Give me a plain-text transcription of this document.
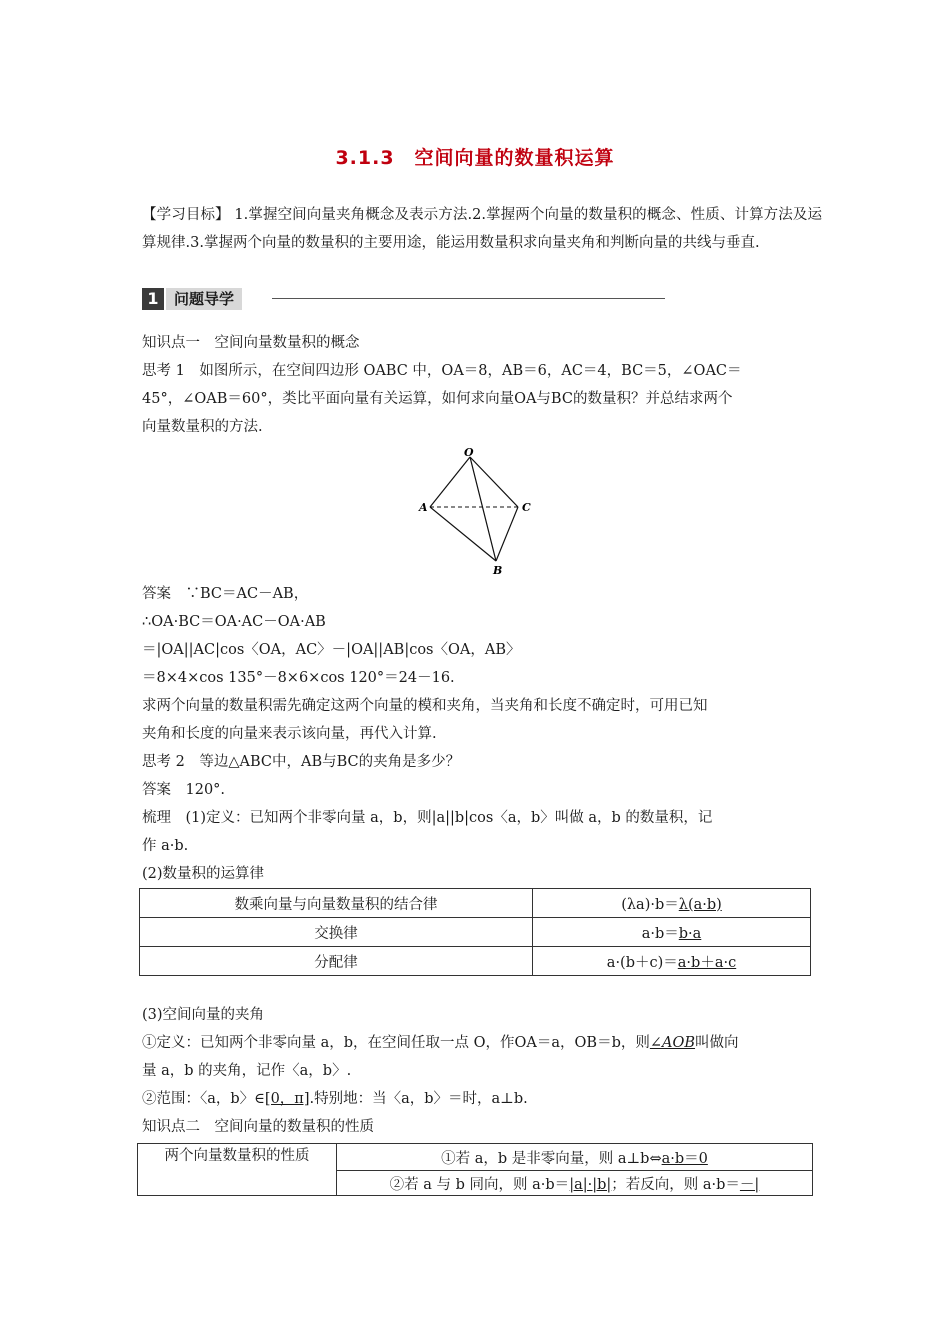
3.1.3　空间向量的数量积运算
【学习目标】 1.掌握空间向量夹角概念及表示方法.2.掌握两个向量的数量积的概念、性质、计算方法及运算规律.3.掌握两个向量的数量积的主要用途，能运用数量积求向量夹角和判断向量的共线与垂直.
1	问题导学
知识点一　空间向量数量积的概念
思考 1　如图所示，在空间四边形 OABC 中，OA＝8，AB＝6，AC＝4，BC＝5，∠OAC＝
45°，∠OAB＝60°，类比平面向量有关运算，如何求向量OA与BC的数量积？并总结求两个
向量数量积的方法.
O
A	C
B
答案　∵BC＝AC－AB，
∴OA·BC＝OA·AC－OA·AB
＝|OA||AC|cos〈OA，AC〉－|OA||AB|cos〈OA，AB〉
＝8×4×cos 135°－8×6×cos 120°＝24－16.
求两个向量的数量积需先确定这两个向量的模和夹角，当夹角和长度不确定时，可用已知
夹角和长度的向量来表示该向量，再代入计算.
思考 2　等边△ABC中，AB与BC的夹角是多少？
答案　120°.
梳理　(1)定义：已知两个非零向量 a，b，则|a||b|cos〈a，b〉叫做 a，b 的数量积，记
作 a·b.
(2)数量积的运算律
数乘向量与向量数量积的结合律	(λa)·b＝λ(a·b)
交换律	a·b＝b·a
分配律	a·(b＋c)＝a·b＋a·c
(3)空间向量的夹角
①定义：已知两个非零向量 a，b，在空间任取一点 O，作OA＝a，OB＝b，则∠AOB叫做向
量 a，b 的夹角，记作〈a，b〉.
②范围：〈a，b〉∈[0，π].特别地：当〈a，b〉＝时，a⊥b.
知识点二　空间向量的数量积的性质
两个向量数量积的性质	①若 a，b 是非零向量，则 a⊥b⇔a·b＝0
②若 a 与 b 同向，则 a·b＝|a|·|b|；若反向，则 a·b＝－|
